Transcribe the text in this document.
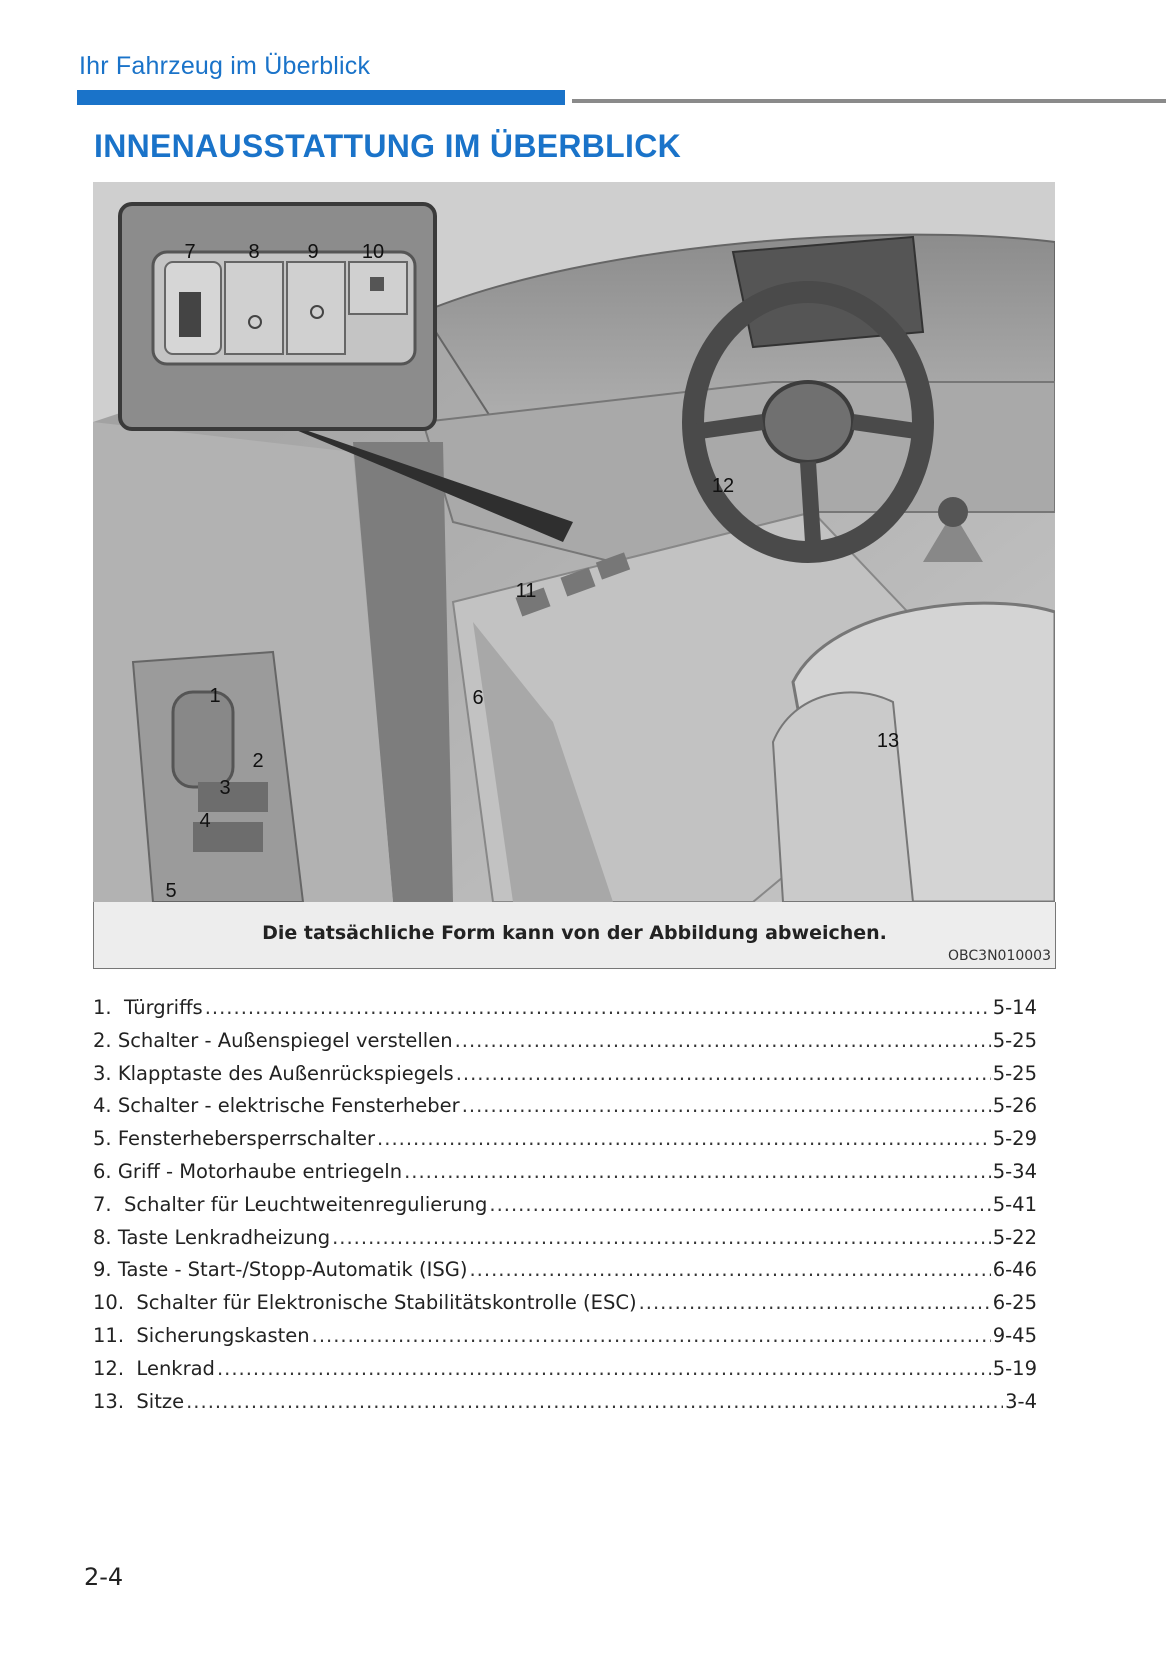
Ihr Fahrzeug im Überblick
INNENAUSSTATTUNG IM ÜBERBLICK
7	8 9 10
12
11
6
1
2
3
4
5
13
Die tatsächliche Form kann von der Abbildung abweichen.
OBC3N010003
1. Türgriffs .....	5-14
2. Schalter - Außenspiegel verstellen .....	5-25
3. Klapptaste des Außenrückspiegels .....	5-25
4. Schalter - elektrische Fensterheber .....	5-26
5. Fensterhebersperrschalter .....	5-29
6. Griff - Motorhaube entriegeln .....	5-34
7. Schalter für Leuchtweitenregulierung .....	5-41
8. Taste Lenkradheizung .....	5-22
9. Taste - Start-/Stopp-Automatik (ISG) .....	6-46
10. Schalter für Elektronische Stabilitätskontrolle (ESC) .....	6-25
11. Sicherungskasten .....	9-45
12. Lenkrad .....	5-19
13. Sitze .....	3-4
2-4
